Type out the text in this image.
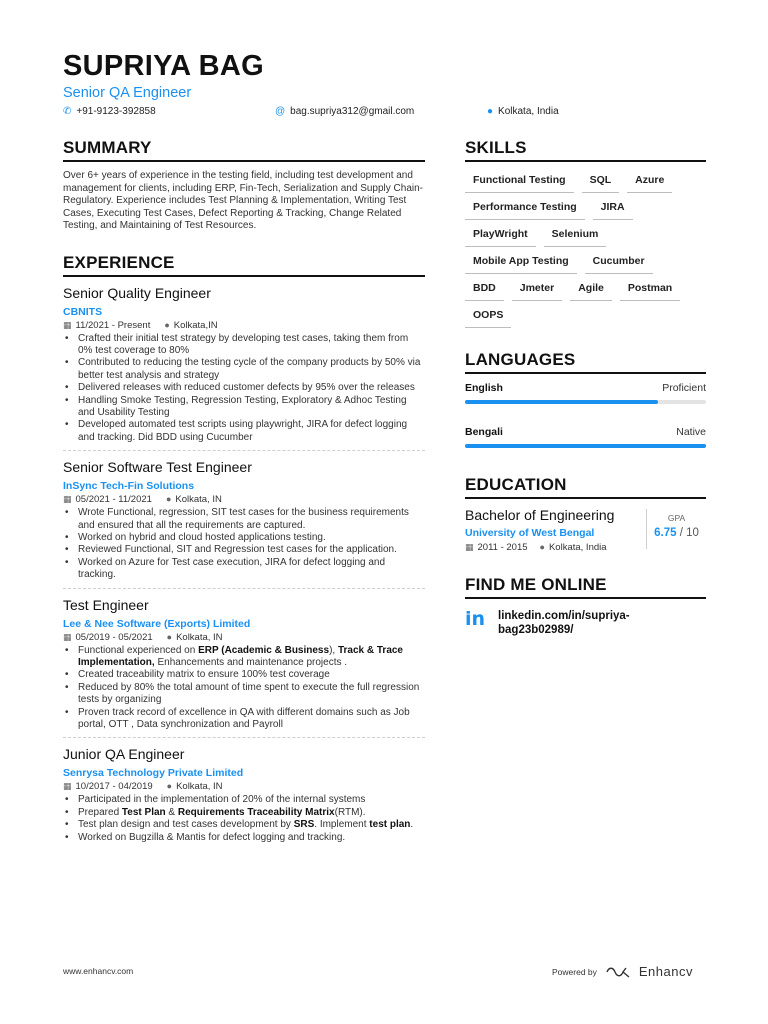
SUPRIYA BAG
Senior QA Engineer
✆ +91-9123-392858	@ bag.supriya312@gmail.com	● Kolkata, India
SUMMARY
Over 6+ years of experience in the testing field, including test development and management for clients, including ERP, Fin-Tech, Serialization and Supply Chain-Regulatory. Experience includes Test Planning & Implementation, Writing Test Cases, Executing Test Cases, Defect Reporting & Tracking, Change Related Testing, and Maintaining of Test Resources.
EXPERIENCE
Senior Quality Engineer
CBNITS
▦ 11/2021 - Present ● Kolkata,IN
• Crafted their initial test strategy by developing test cases, taking them from 0% test coverage to 80%
• Contributed to reducing the testing cycle of the company products by 50% via better test analysis and strategy
• Delivered releases with reduced customer defects by 95% over the releases
• Handling Smoke Testing, Regression Testing, Exploratory & Adhoc Testing and Usability Testing
• Developed automated test scripts using playwright, JIRA for defect logging and tracking. Did BDD using Cucumber
Senior Software Test Engineer
InSync Tech-Fin Solutions
▦ 05/2021 - 11/2021 ● Kolkata, IN
• Wrote Functional, regression, SIT test cases for the business requirements and ensured that all the requirements are captured.
• Worked on hybrid and cloud hosted applications testing.
• Reviewed Functional, SIT and Regression test cases for the application.
• Worked on Azure for Test case execution, JIRA for defect logging and tracking.
Test Engineer
Lee & Nee Software (Exports) Limited
▦ 05/2019 - 05/2021 ● Kolkata, IN
• Functional experienced on ERP (Academic & Business), Track & Trace Implementation, Enhancements and maintenance projects .
• Created traceability matrix to ensure 100% test coverage
• Reduced by 80% the total amount of time spent to execute the full regression tests by organizing
• Proven track record of excellence in QA with different domains such as Job portal, OTT , Data synchronization and Payroll
Junior QA Engineer
Senrysa Technology Private Limited
▦ 10/2017 - 04/2019 ● Kolkata, IN
• Participated in the implementation of 20% of the internal systems
• Prepared Test Plan & Requirements Traceability Matrix(RTM).
• Test plan design and test cases development by SRS. Implement test plan.
• Worked on Bugzilla & Mantis for defect logging and tracking.
SKILLS
Functional Testing	SQL	Azure
Performance Testing	JIRA
PlayWright	Selenium
Mobile App Testing	Cucumber
BDD	Jmeter	Agile	Postman
OOPS
LANGUAGES
English	Proficient
Bengali	Native
EDUCATION
Bachelor of Engineering
University of West Bengal
▦ 2011 - 2015 ● Kolkata, India
GPA
6.75 / 10
FIND ME ONLINE
in	linkedin.com/in/supriya-bag23b02989/
www.enhancv.com	Powered by	Enhancv
